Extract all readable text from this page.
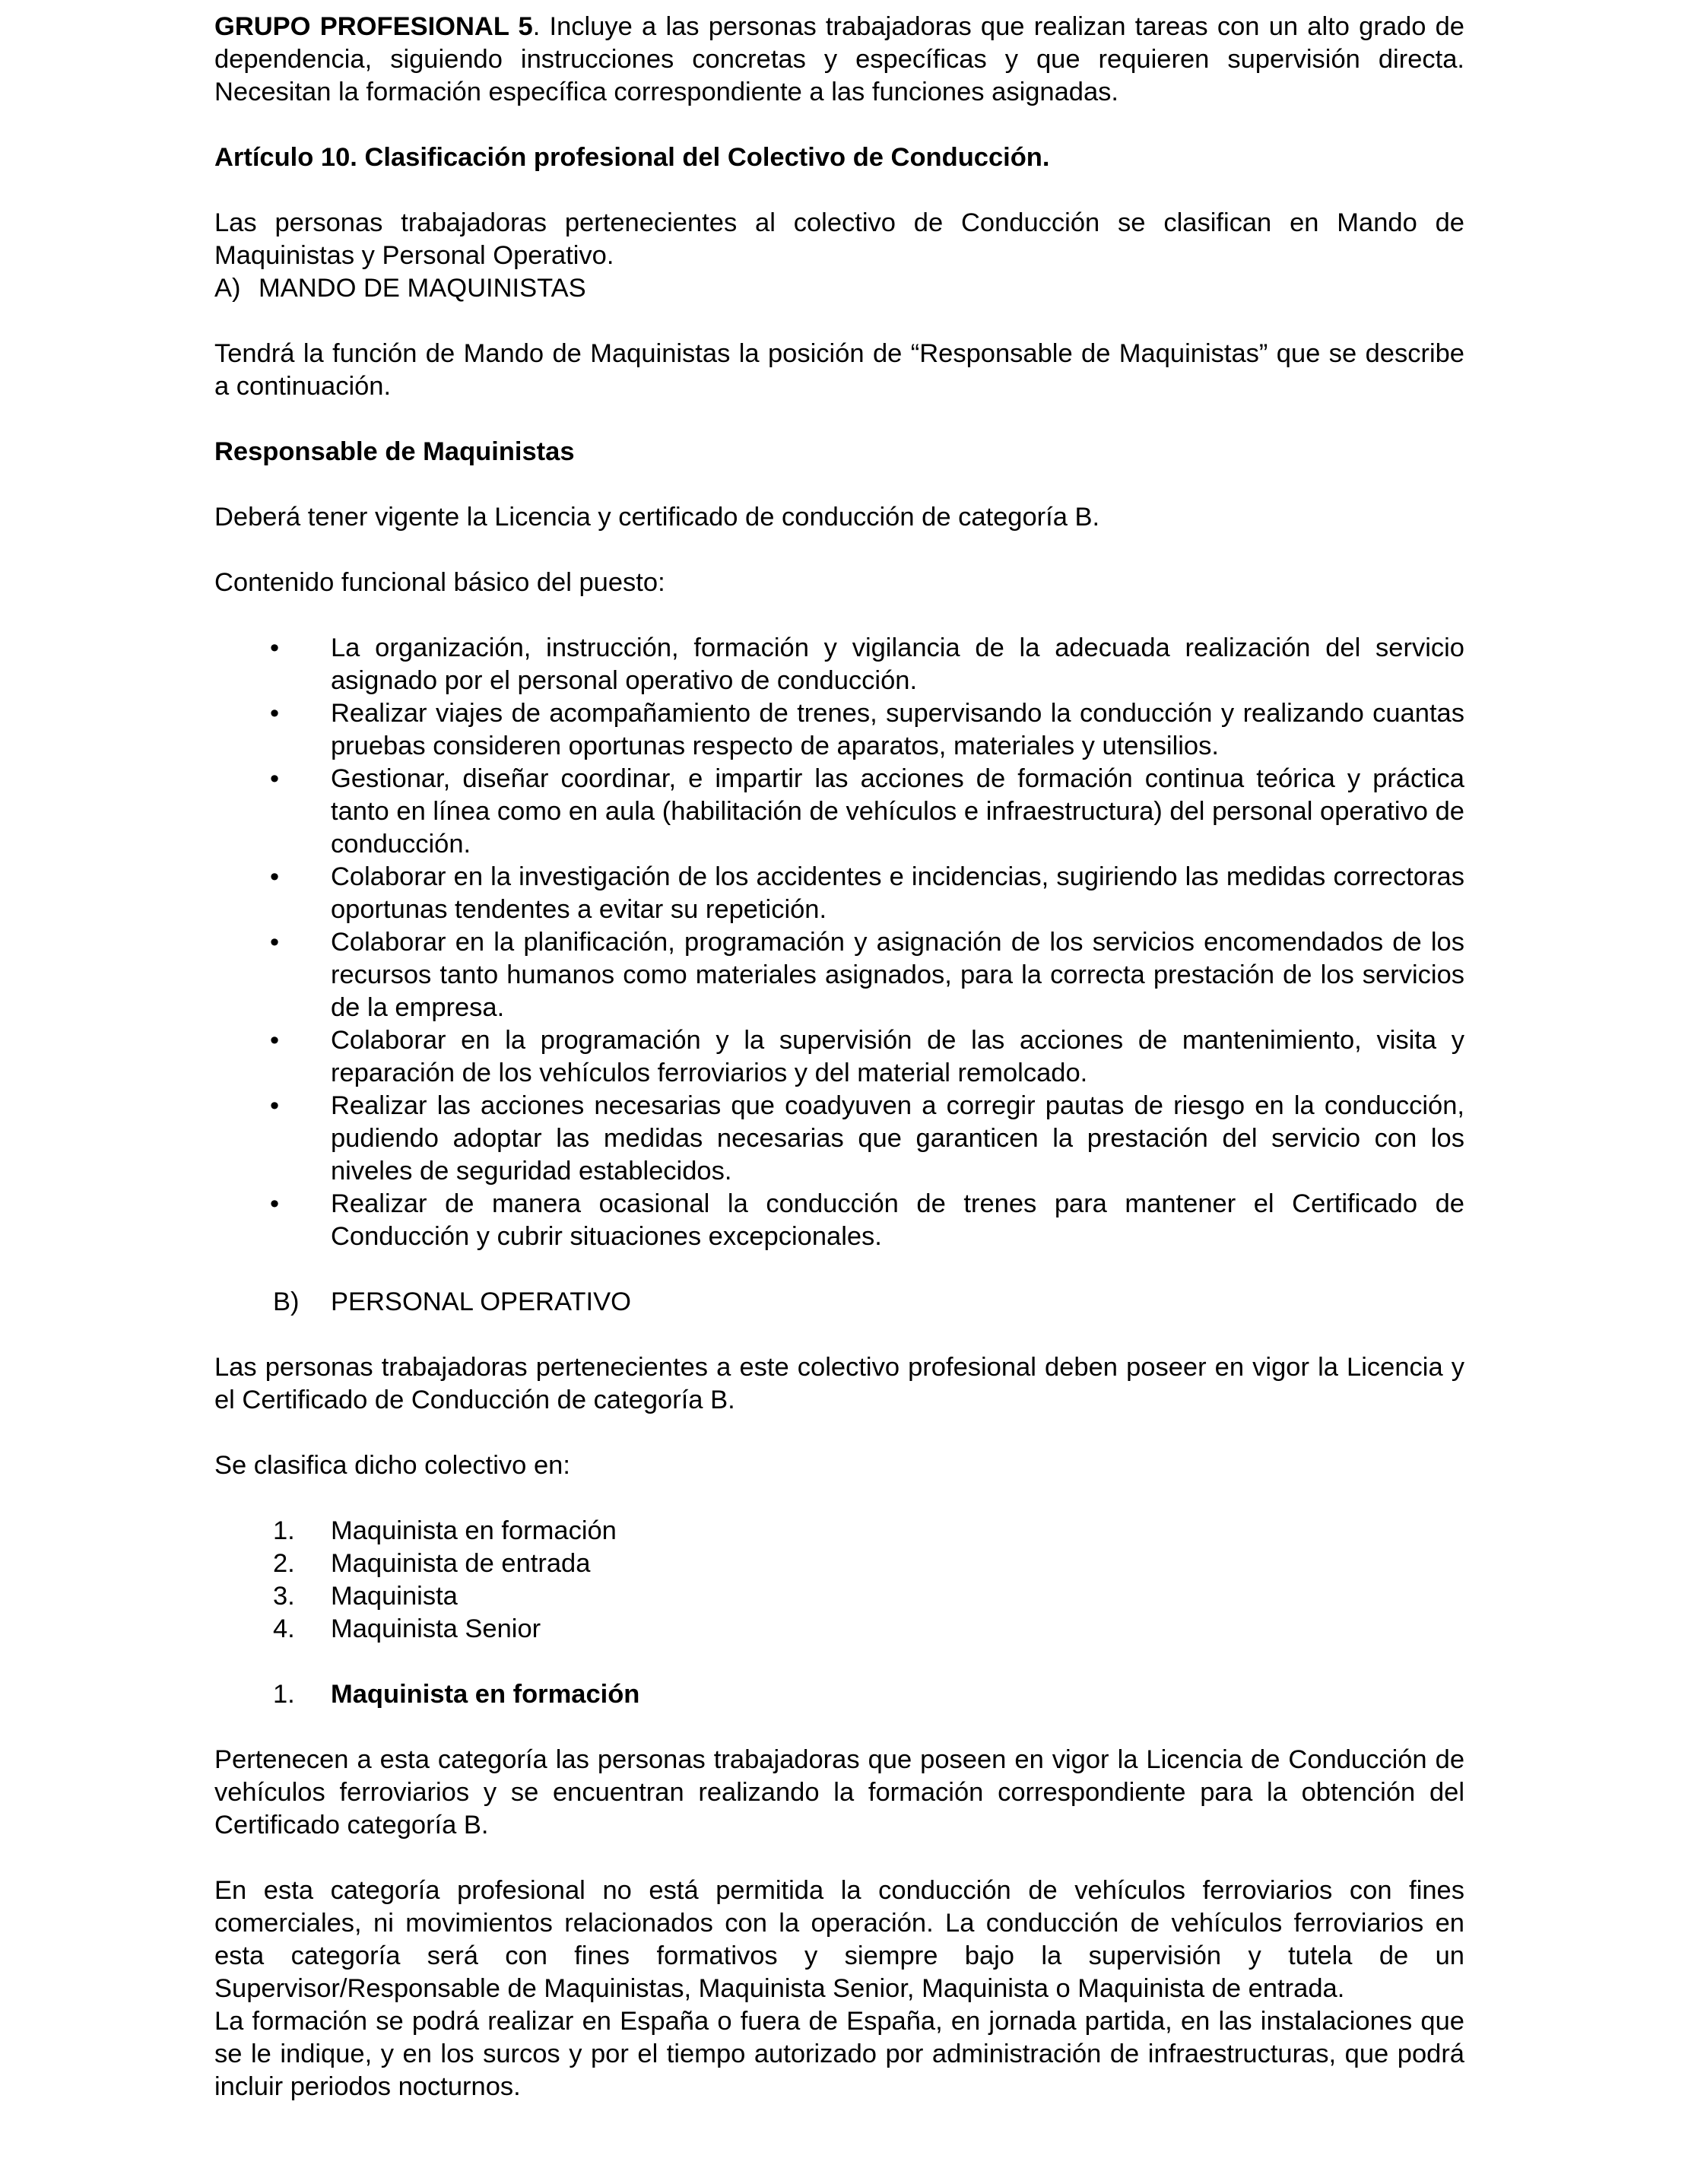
GRUPO PROFESIONAL 5. Incluye a las personas trabajadoras que realizan tareas con un alto grado de dependencia, siguiendo instrucciones concretas y específicas y que requieren supervisión directa. Necesitan la formación específica correspondiente a las funciones asignadas.

Artículo 10. Clasificación profesional del Colectivo de Conducción.

Las personas trabajadoras pertenecientes al colectivo de Conducción se clasifican en Mando de Maquinistas y Personal Operativo.

A) MANDO DE MAQUINISTAS

Tendrá la función de Mando de Maquinistas la posición de “Responsable de Maquinistas” que se describe a continuación.

Responsable de Maquinistas

Deberá tener vigente la Licencia y certificado de conducción de categoría B.

Contenido funcional básico del puesto:

•	La organización, instrucción, formación y vigilancia de la adecuada realización del servicio asignado por el personal operativo de conducción.
•	Realizar viajes de acompañamiento de trenes, supervisando la conducción y realizando cuantas pruebas consideren oportunas respecto de aparatos, materiales y utensilios.
•	Gestionar, diseñar coordinar, e impartir las acciones de formación continua teórica y práctica tanto en línea como en aula (habilitación de vehículos e infraestructura) del personal operativo de conducción.
•	Colaborar en la investigación de los accidentes e incidencias, sugiriendo las medidas correctoras oportunas tendentes a evitar su repetición.
•	Colaborar en la planificación, programación y asignación de los servicios encomendados de los recursos tanto humanos como materiales asignados, para la correcta prestación de los servicios de la empresa.
•	Colaborar en la programación y la supervisión de las acciones de mantenimiento, visita y reparación de los vehículos ferroviarios y del material remolcado.
•	Realizar las acciones necesarias que coadyuven a corregir pautas de riesgo en la conducción, pudiendo adoptar las medidas necesarias que garanticen la prestación del servicio con los niveles de seguridad establecidos.
•	Realizar de manera ocasional la conducción de trenes para mantener el Certificado de Conducción y cubrir situaciones excepcionales.
B)	PERSONAL OPERATIVO

Las personas trabajadoras pertenecientes a este colectivo profesional deben poseer en vigor la Licencia y el Certificado de Conducción de categoría B.

Se clasifica dicho colectivo en:

1.	Maquinista en formación
2.	Maquinista de entrada
3.	Maquinista
4.	Maquinista Senior
1.	Maquinista en formación

Pertenecen a esta categoría las personas trabajadoras que poseen en vigor la Licencia de Conducción de vehículos ferroviarios y se encuentran realizando la formación correspondiente para la obtención del Certificado categoría B.

En esta categoría profesional no está permitida la conducción de vehículos ferroviarios con fines comerciales, ni movimientos relacionados con la operación. La conducción de vehículos ferroviarios en esta categoría será con fines formativos y siempre bajo la supervisión y tutela de un Supervisor/Responsable de Maquinistas, Maquinista Senior, Maquinista o Maquinista de entrada.

La formación se podrá realizar en España o fuera de España, en jornada partida, en las instalaciones que se le indique, y en los surcos y por el tiempo autorizado por administración de infraestructuras, que podrá incluir periodos nocturnos.
